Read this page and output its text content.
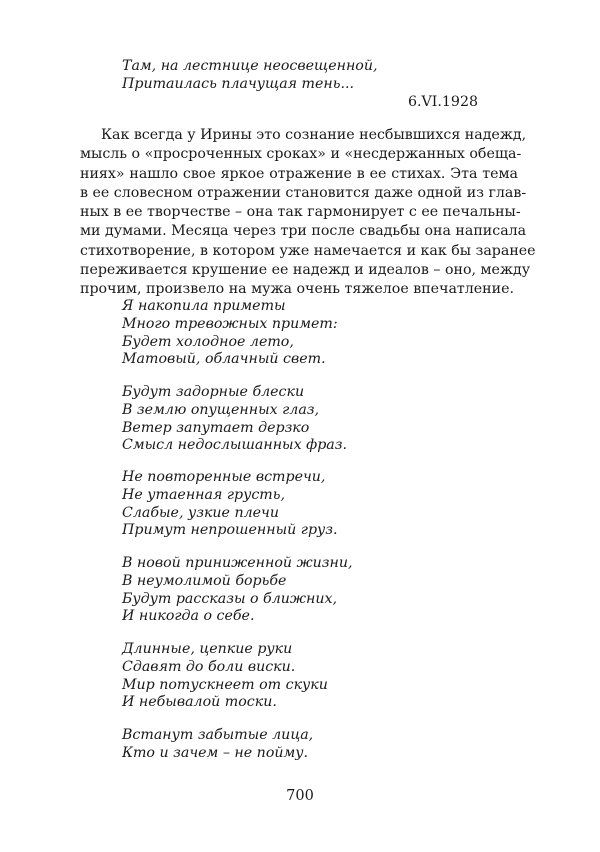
Там, на лестнице неосвещенной,
Притаилась плачущая тень...
6.VI.1928
Как всегда у Ирины это сознание несбывшихся надежд,
мысль о «просроченных сроках» и «несдержанных обеща-
ниях» нашло свое яркое отражение в ее стихах. Эта тема
в ее словесном отражении становится даже одной из глав-
ных в ее творчестве – она так гармонирует с ее печальны-
ми думами. Месяца через три после свадьбы она написала
стихотворение, в котором уже намечается и как бы заранее
переживается крушение ее надежд и идеалов – оно, между
прочим, произвело на мужа очень тяжелое впечатление.
Я накопила приметы
Много тревожных примет:
Будет холодное лето,
Матовый, облачный свет.
Будут задорные блески
В землю опущенных глаз,
Ветер запутает дерзко
Смысл недослышанных фраз.
Не повторенные встречи,
Не утаенная грусть,
Слабые, узкие плечи
Примут непрошенный груз.
В новой приниженной жизни,
В неумолимой борьбе
Будут рассказы о ближних,
И никогда о себе.
Длинные, цепкие руки
Сдавят до боли виски.
Мир потускнеет от скуки
И небывалой тоски.
Встанут забытые лица,
Кто и зачем – не пойму.
700
